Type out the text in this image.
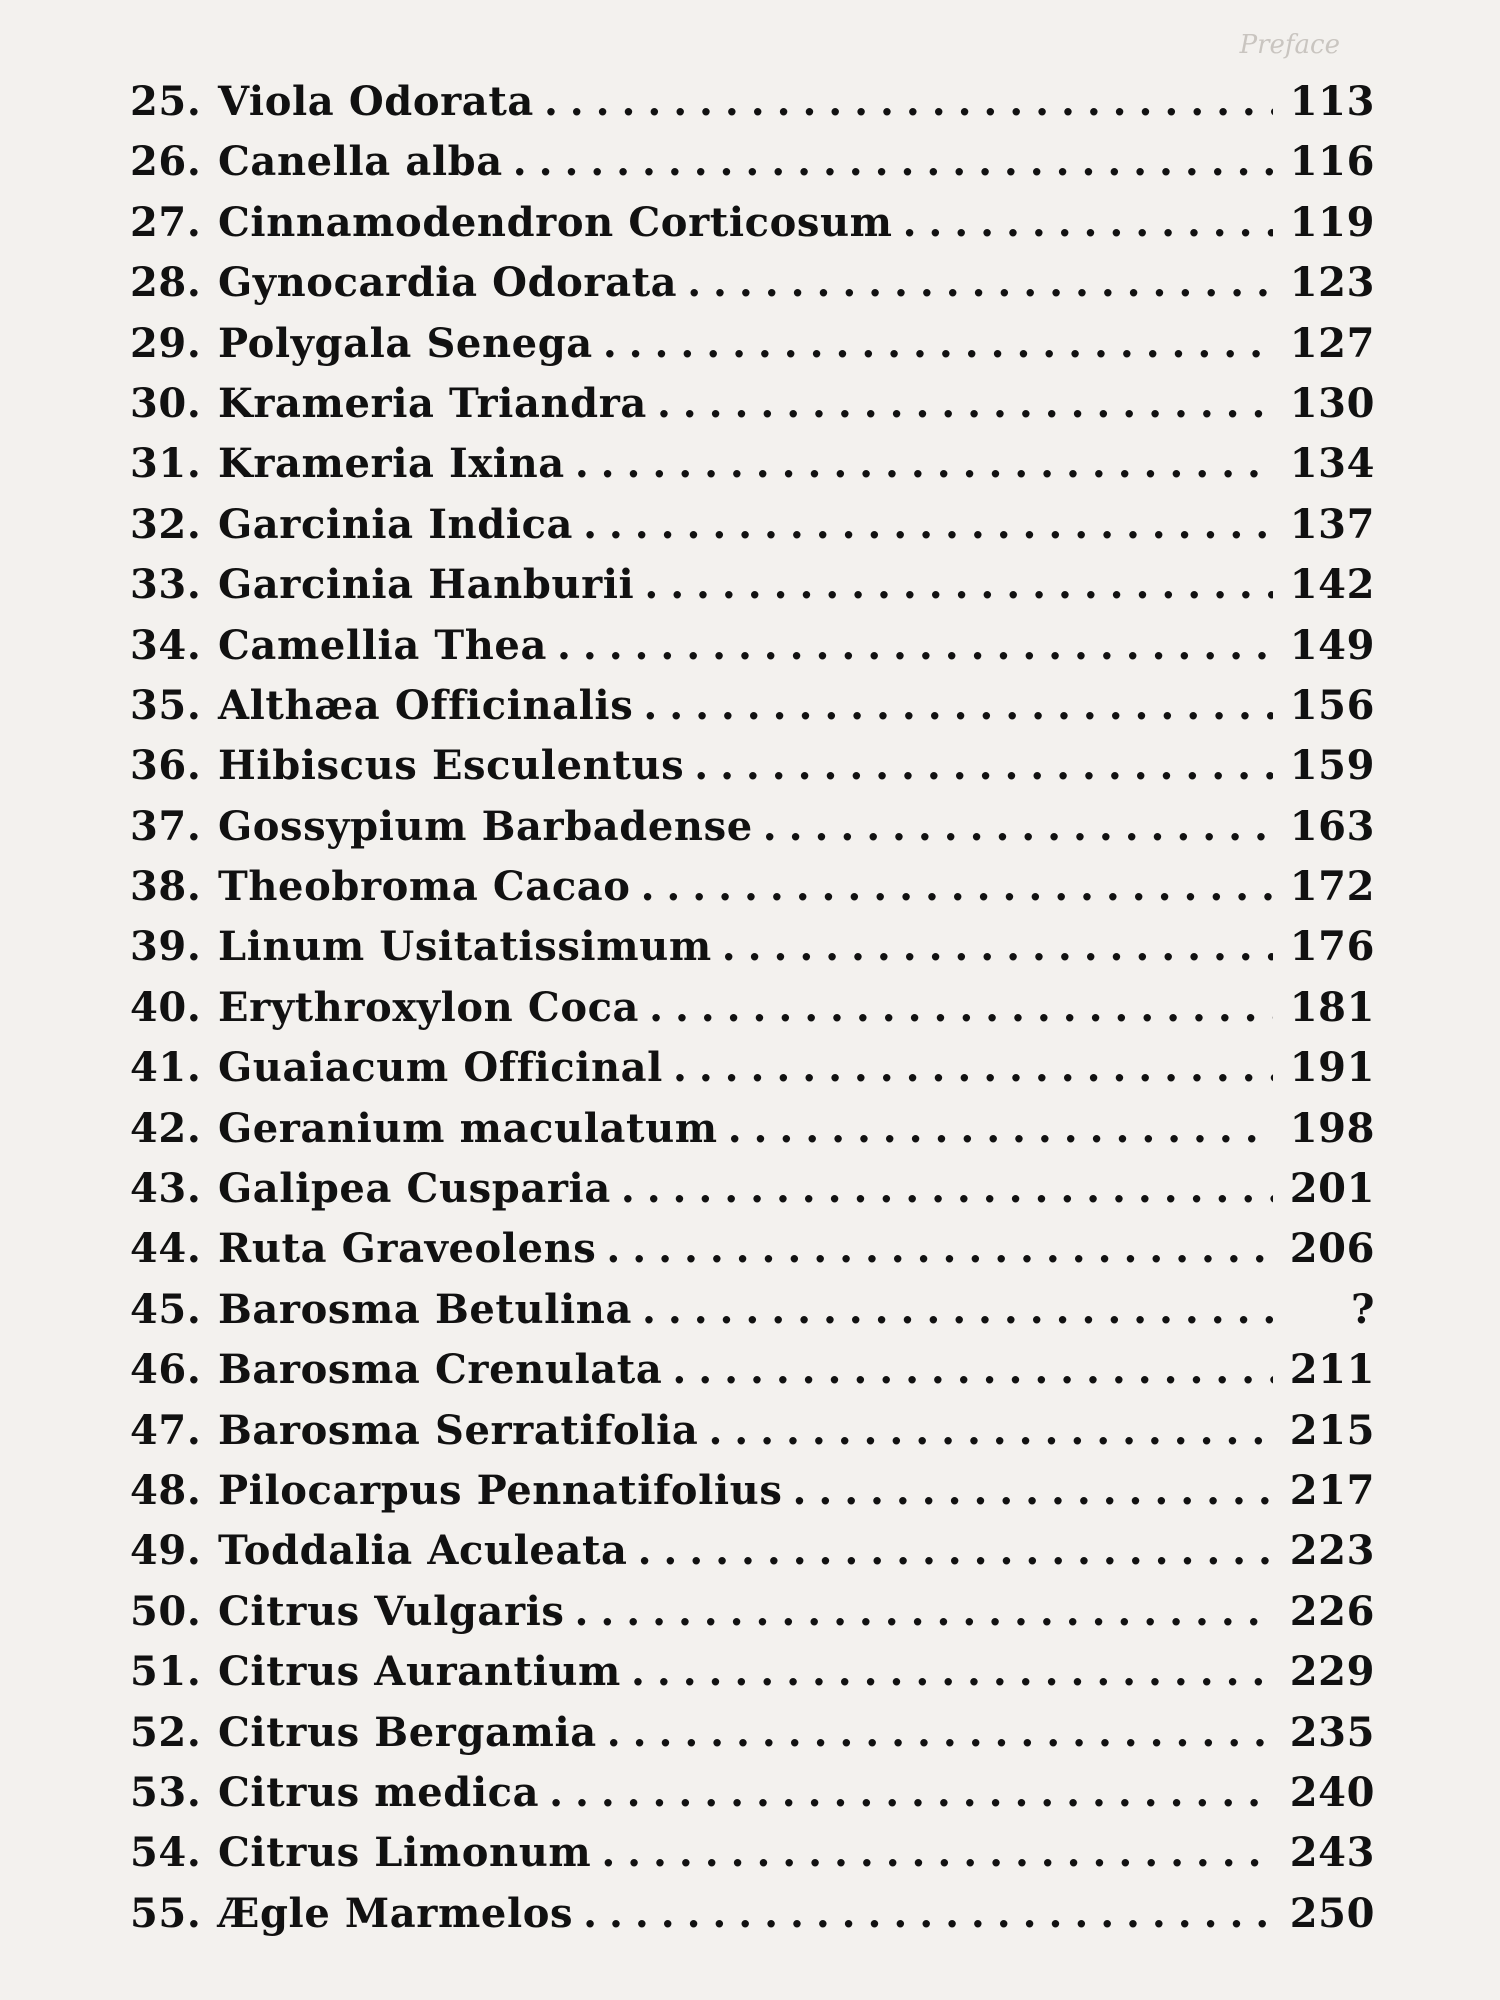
Preface
25. Viola Odorata . . .	113
26. Canella alba . . .	116
27. Cinnamodendron Corticosum . . .	119
28. Gynocardia Odorata . . .	123
29. Polygala Senega . . .	127
30. Krameria Triandra . . .	130
31. Krameria Ixina . . .	134
32. Garcinia Indica . . .	137
33. Garcinia Hanburii . . .	142
34. Camellia Thea . . .	149
35. Althæa Officinalis . . .	156
36. Hibiscus Esculentus . . .	159
37. Gossypium Barbadense . . .	163
38. Theobroma Cacao . . .	172
39. Linum Usitatissimum . . .	176
40. Erythroxylon Coca . . .	181
41. Guaiacum Officinal . . .	191
42. Geranium maculatum . . .	198
43. Galipea Cusparia . . .	201
44. Ruta Graveolens . . .	206
45. Barosma Betulina . . .	?
46. Barosma Crenulata . . .	211
47. Barosma Serratifolia . . .	215
48. Pilocarpus Pennatifolius . . .	217
49. Toddalia Aculeata . . .	223
50. Citrus Vulgaris . . .	226
51. Citrus Aurantium . . .	229
52. Citrus Bergamia . . .	235
53. Citrus medica . . .	240
54. Citrus Limonum . . .	243
55. Ægle Marmelos . . .	250
